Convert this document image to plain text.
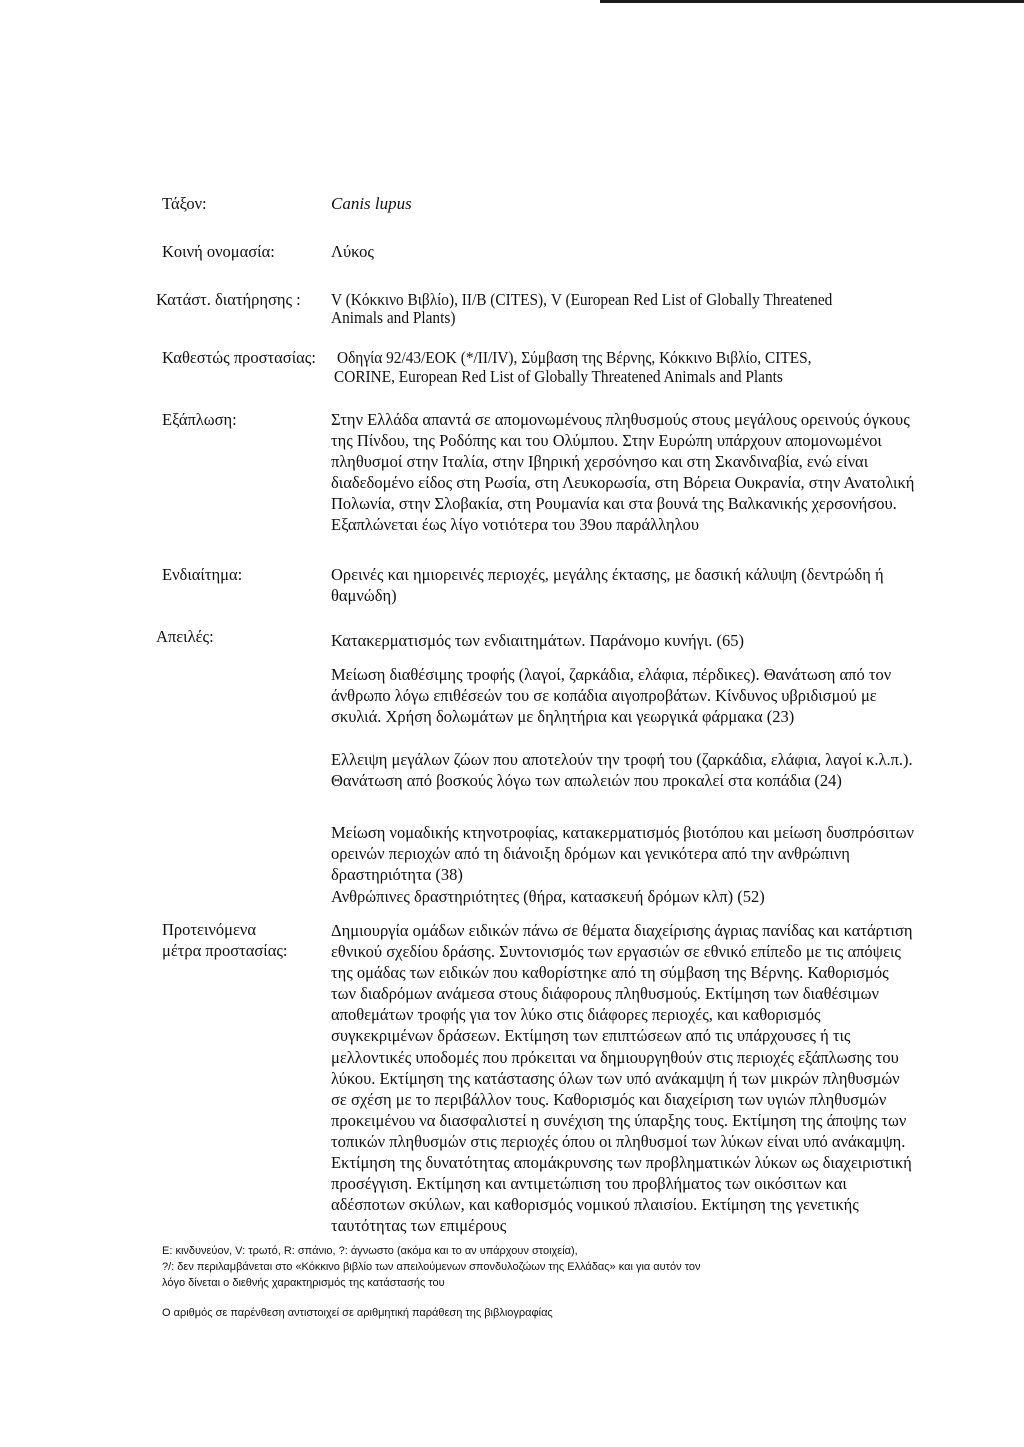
Τάξον:	Canis lupus
Κοινή ονομασία:	Λύκος
Κατάστ. διατήρησης : V (Κόκκινο Βιβλίο), ΙΙ/Β (CITES), V (European Red List of Globally Threatened
Animals and Plants)
Καθεστώς προστασίας: Οδηγία 92/43/ΕΟΚ (*/ΙΙ/ΙV), Σύμβαση της Βέρνης, Κόκκινο Βιβλίο, CITES,
CORINE, European Red List of Globally Threatened Animals and Plants
Εξάπλωση:	Στην Ελλάδα απαντά σε απομονωμένους πληθυσμούς στους μεγάλους ορεινούς όγκους της Πίνδου, της Ροδόπης και του Ολύμπου. Στην Ευρώπη υπάρχουν απομονωμένοι πληθυσμοί στην Ιταλία, στην Ιβηρική χερσόνησο και στη Σκανδιναβία, ενώ είναι διαδεδομένο είδος στη Ρωσία, στη Λευκορωσία, στη Βόρεια Ουκρανία, στην Ανατολική Πολωνία, στην Σλοβακία, στη Ρουμανία και στα βουνά της Βαλκανικής χερσονήσου. Εξαπλώνεται έως λίγο νοτιότερα του 39ου παράλληλου
Ενδιαίτημα:	Ορεινές και ημιορεινές περιοχές, μεγάλης έκτασης, με δασική κάλυψη (δεντρώδη ή θαμνώδη)
Απειλές:	Κατακερματισμός των ενδιαιτημάτων. Παράνομο κυνήγι. (65)
Μείωση διαθέσιμης τροφής (λαγοί, ζαρκάδια, ελάφια, πέρδικες). Θανάτωση από τον άνθρωπο λόγω επιθέσεών του σε κοπάδια αιγοπροβάτων. Κίνδυνος υβριδισμού με σκυλιά. Χρήση δολωμάτων με δηλητήρια και γεωργικά φάρμακα (23)
Ελλειψη μεγάλων ζώων που αποτελούν την τροφή του (ζαρκάδια, ελάφια, λαγοί κ.λ.π.). Θανάτωση από βοσκούς λόγω των απωλειών που προκαλεί στα κοπάδια (24)
Μείωση νομαδικής κτηνοτροφίας, κατακερματισμός βιοτόπου και μείωση δυσπρόσιτων ορεινών περιοχών από τη διάνοιξη δρόμων και γενικότερα από την ανθρώπινη δραστηριότητα (38)
Ανθρώπινες δραστηριότητες (θήρα, κατασκευή δρόμων κλπ) (52)
Προτεινόμενα
μέτρα προστασίας:
Δημιουργία ομάδων ειδικών πάνω σε θέματα διαχείρισης άγριας πανίδας και κατάρτιση εθνικού σχεδίου δράσης. Συντονισμός των εργασιών σε εθνικό επίπεδο με τις απόψεις της ομάδας των ειδικών που καθορίστηκε από τη σύμβαση της Βέρνης. Καθορισμός των διαδρόμων ανάμεσα στους διάφορους πληθυσμούς. Εκτίμηση των διαθέσιμων αποθεμάτων τροφής για τον λύκο στις διάφορες περιοχές, και καθορισμός συγκεκριμένων δράσεων. Εκτίμηση των επιπτώσεων από τις υπάρχουσες ή τις μελλοντικές υποδομές που πρόκειται να δημιουργηθούν στις περιοχές εξάπλωσης του λύκου. Εκτίμηση της κατάστασης όλων των υπό ανάκαμψη ή των μικρών πληθυσμών σε σχέση με το περιβάλλον τους. Καθορισμός και διαχείριση των υγιών πληθυσμών προκειμένου να διασφαλιστεί η συνέχιση της ύπαρξης τους. Εκτίμηση της άποψης των τοπικών πληθυσμών στις περιοχές όπου οι πληθυσμοί των λύκων είναι υπό ανάκαμψη. Εκτίμηση της δυνατότητας απομάκρυνσης των προβληματικών λύκων ως διαχειριστική προσέγγιση. Εκτίμηση και αντιμετώπιση του προβλήματος των οικόσιτων και αδέσποτων σκύλων, και καθορισμός νομικού πλαισίου. Εκτίμηση της γενετικής ταυτότητας των επιμέρους
Ε: κινδυνεύον, V: τρωτό, R: σπάνιο, ?: άγνωστο (ακόμα και το αν υπάρχουν στοιχεία),
?/: δεν περιλαμβάνεται στο «Κόκκινο βιβλίο των απειλούμενων σπονδυλοζώων της Ελλάδας» και για αυτόν τον
λόγο δίνεται ο διεθνής χαρακτηρισμός της κατάστασής του
Ο αριθμός σε παρένθεση αντιστοιχεί σε αριθμητική παράθεση της βιβλιογραφίας
